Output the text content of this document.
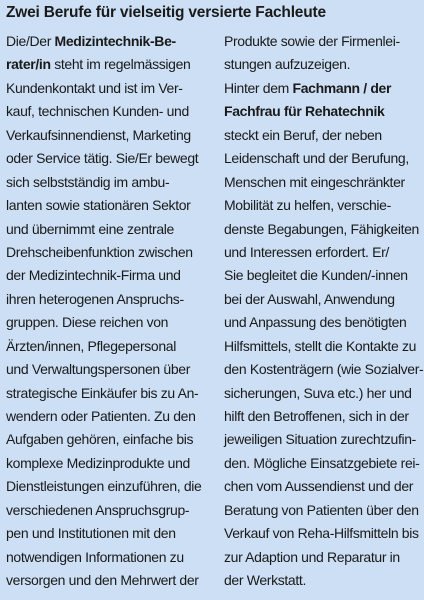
Zwei Berufe für vielseitig versierte Fachleute
Die/Der Medizintechnik-Be-
rater/in steht im regelmässigen
Kundenkontakt und ist im Ver-
kauf, technischen Kunden- und
Verkaufsinnendienst, Marketing
oder Service tätig. Sie/Er bewegt
sich selbstständig im ambu-
lanten sowie stationären Sektor
und übernimmt eine zentrale
Drehscheibenfunktion zwischen
der Medizintechnik-Firma und
ihren heterogenen Anspruchs-
gruppen. Diese reichen von
Ärzten/innen, Pflegepersonal
und Verwaltungspersonen über
strategische Einkäufer bis zu An-
wendern oder Patienten. Zu den
Aufgaben gehören, einfache bis
komplexe Medizinprodukte und
Dienstleistungen einzuführen, die
verschiedenen Anspruchsgrup-
pen und Institutionen mit den
notwendigen Informationen zu
versorgen und den Mehrwert der
Produkte sowie der Firmenlei-
stungen aufzuzeigen.
Hinter dem Fachmann / der
Fachfrau für Rehatechnik
steckt ein Beruf, der neben
Leidenschaft und der Berufung,
Menschen mit eingeschränkter
Mobilität zu helfen, verschie-
denste Begabungen, Fähigkeiten
und Interessen erfordert. Er/
Sie begleitet die Kunden/-innen
bei der Auswahl, Anwendung
und Anpassung des benötigten
Hilfsmittels, stellt die Kontakte zu
den Kostenträgern (wie Sozialver-
sicherungen, Suva etc.) her und
hilft den Betroffenen, sich in der
jeweiligen Situation zurechtzufin-
den. Mögliche Einsatzgebiete rei-
chen vom Aussendienst und der
Beratung von Patienten über den
Verkauf von Reha-Hilfsmitteln bis
zur Adaption und Reparatur in
der Werkstatt.
